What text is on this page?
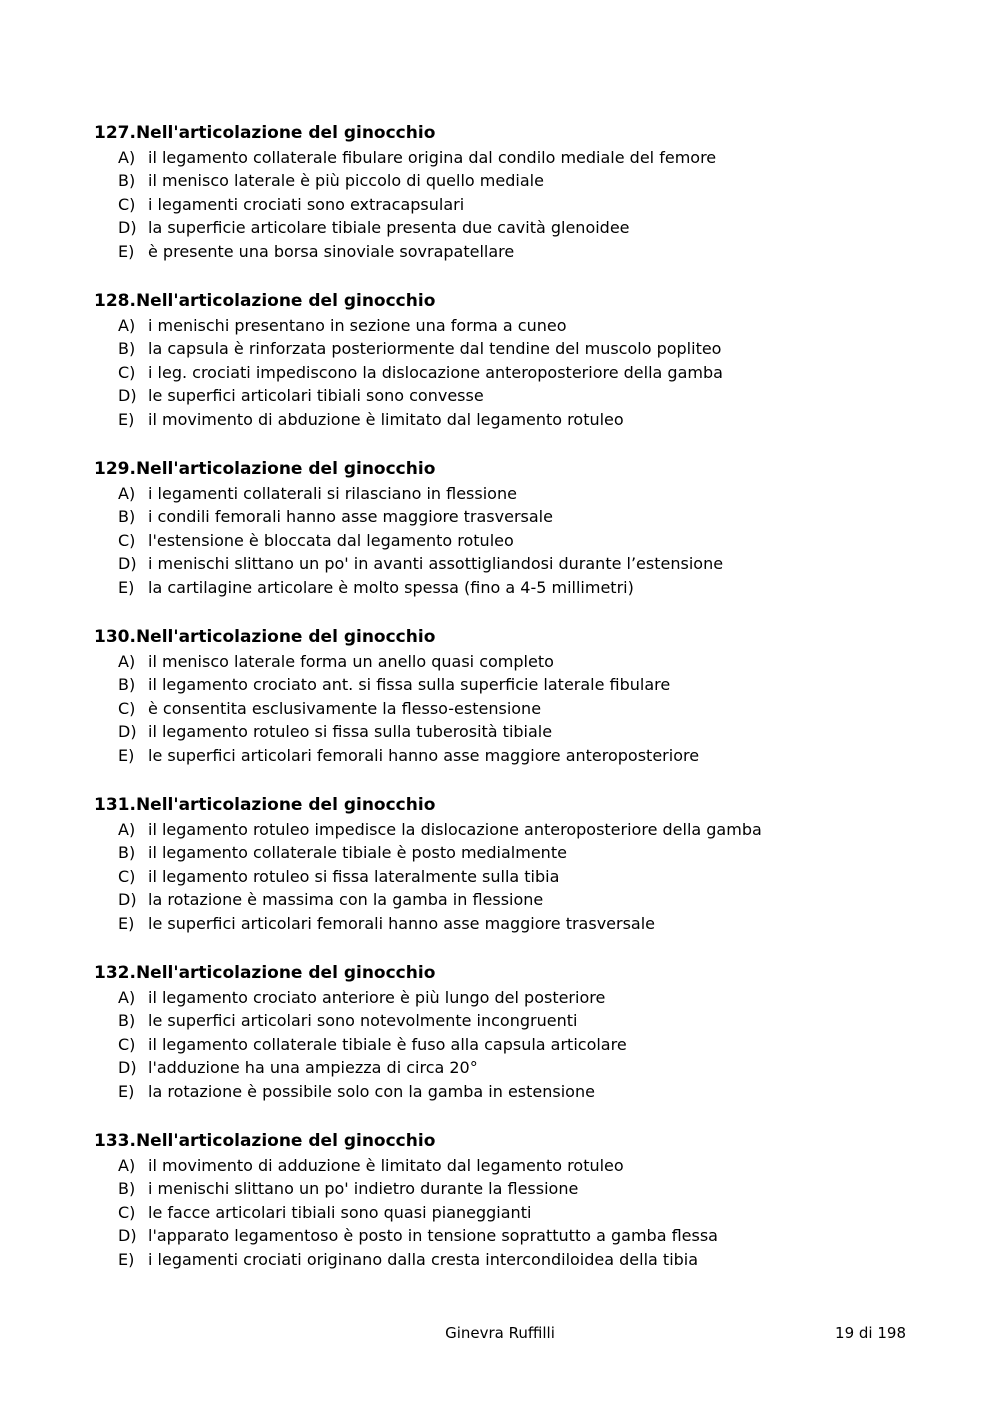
127.Nell'articolazione del ginocchio
A) il legamento collaterale fibulare origina dal condilo mediale del femore
B) il menisco laterale è più piccolo di quello mediale
C) i legamenti crociati sono extracapsulari
D) la superficie articolare tibiale presenta due cavità glenoidee
E) è presente una borsa sinoviale sovrapatellare
128.Nell'articolazione del ginocchio
A) i menischi presentano in sezione una forma a cuneo
B) la capsula è rinforzata posteriormente dal tendine del muscolo popliteo
C) i leg. crociati impediscono la dislocazione anteroposteriore della gamba
D) le superfici articolari tibiali sono convesse
E) il movimento di abduzione è limitato dal legamento rotuleo
129.Nell'articolazione del ginocchio
A) i legamenti collaterali si rilasciano in flessione
B) i condili femorali hanno asse maggiore trasversale
C) l'estensione è bloccata dal legamento rotuleo
D) i menischi slittano un po' in avanti assottigliandosi durante l’estensione
E) la cartilagine articolare è molto spessa (fino a 4-5 millimetri)
130.Nell'articolazione del ginocchio
A) il menisco laterale forma un anello quasi completo
B) il legamento crociato ant. si fissa sulla superficie laterale fibulare
C) è consentita esclusivamente la flesso-estensione
D) il legamento rotuleo si fissa sulla tuberosità tibiale
E) le superfici articolari femorali hanno asse maggiore anteroposteriore
131.Nell'articolazione del ginocchio
A) il legamento rotuleo impedisce la dislocazione anteroposteriore della gamba
B) il legamento collaterale tibiale è posto medialmente
C) il legamento rotuleo si fissa lateralmente sulla tibia
D) la rotazione è massima con la gamba in flessione
E) le superfici articolari femorali hanno asse maggiore trasversale
132.Nell'articolazione del ginocchio
A) il legamento crociato anteriore è più lungo del posteriore
B) le superfici articolari sono notevolmente incongruenti
C) il legamento collaterale tibiale è fuso alla capsula articolare
D) l'adduzione ha una ampiezza di circa 20°
E) la rotazione è possibile solo con la gamba in estensione
133.Nell'articolazione del ginocchio
A) il movimento di adduzione è limitato dal legamento rotuleo
B) i menischi slittano un po' indietro durante la flessione
C) le facce articolari tibiali sono quasi pianeggianti
D) l'apparato legamentoso è posto in tensione soprattutto a gamba flessa
E) i legamenti crociati originano dalla cresta intercondiloidea della tibia
Ginevra Ruffilli	19 di 198
